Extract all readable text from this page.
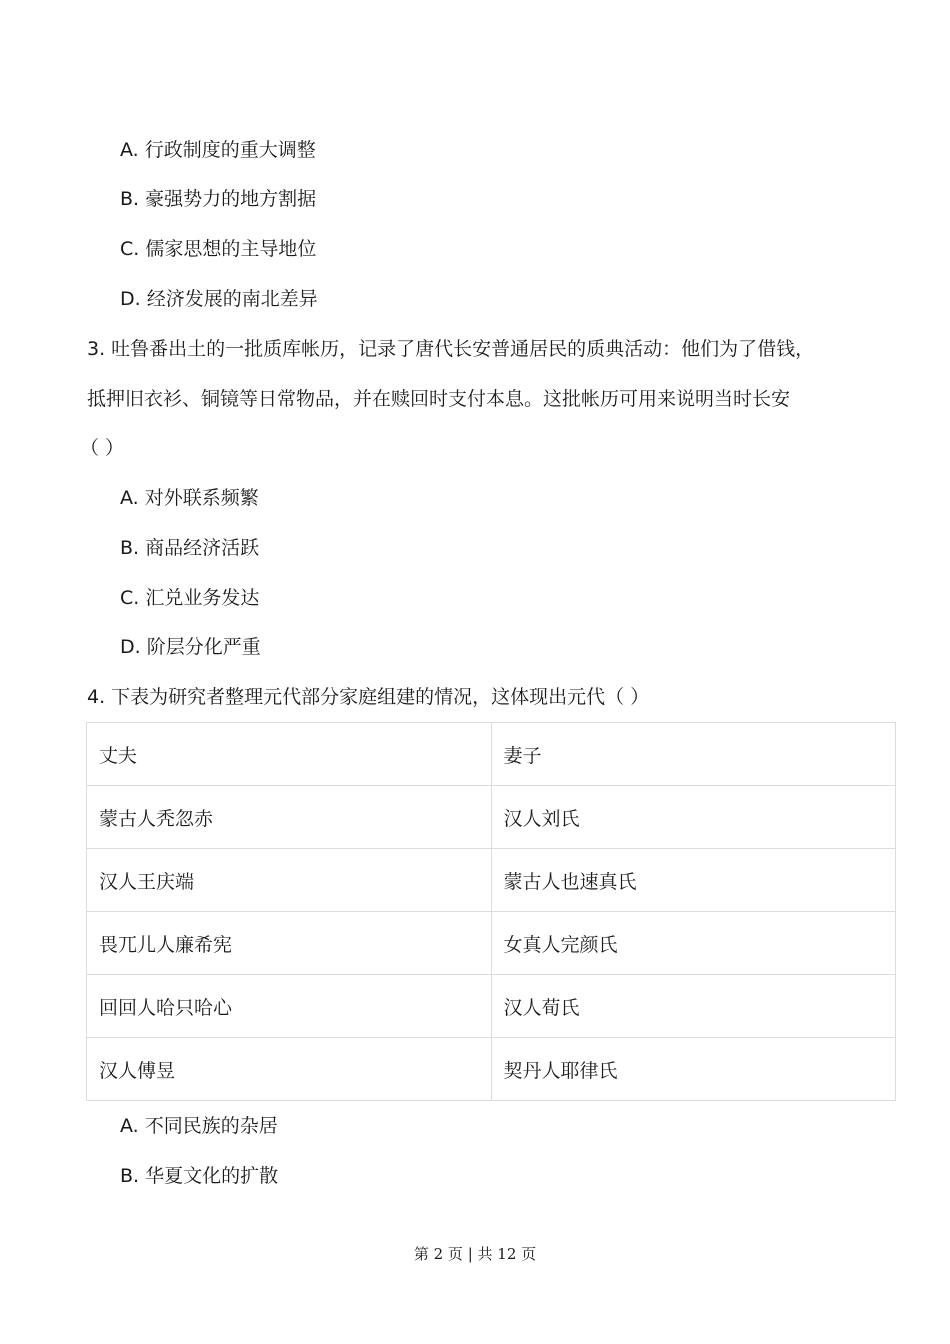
A. 行政制度的重大调整
B. 豪强势力的地方割据
C. 儒家思想的主导地位
D. 经济发展的南北差异
3. 吐鲁番出土的一批质库帐历，记录了唐代长安普通居民的质典活动：他们为了借钱，
抵押旧衣衫、铜镜等日常物品，并在赎回时支付本息。这批帐历可用来说明当时长安
（ ）
A. 对外联系频繁
B. 商品经济活跃
C. 汇兑业务发达
D. 阶层分化严重
4. 下表为研究者整理元代部分家庭组建的情况，这体现出元代（ ）
丈夫	妻子
蒙古人秃忽赤	汉人刘氏
汉人王庆端	蒙古人也速真氏
畏兀儿人廉希宪	女真人完颜氏
回回人哈只哈心	汉人荀氏
汉人傅昱	契丹人耶律氏
A. 不同民族的杂居
B. 华夏文化的扩散
第 2 页 | 共 12 页
